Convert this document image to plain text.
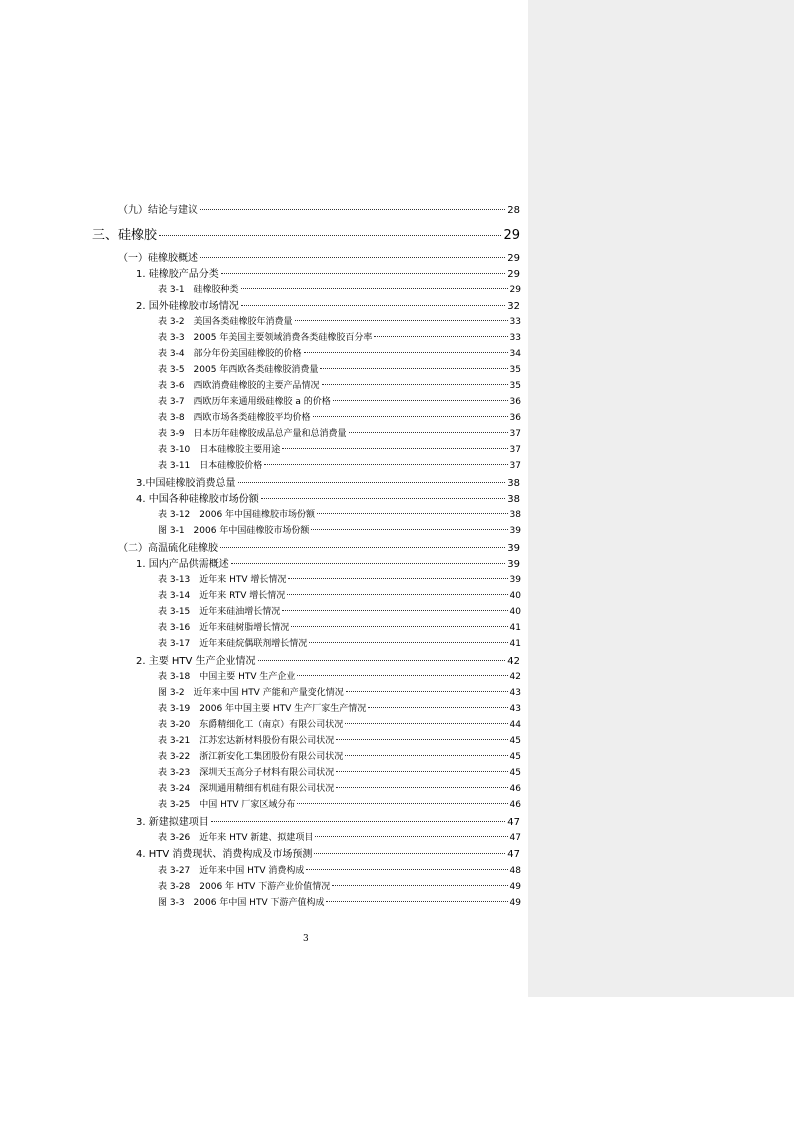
（九）结论与建议	28
三、硅橡胶	29
（一）硅橡胶概述	29
1. 硅橡胶产品分类	29
表 3-1　硅橡胶种类	29
2. 国外硅橡胶市场情况	32
表 3-2　美国各类硅橡胶年消费量	33
表 3-3　2005 年美国主要领域消费各类硅橡胶百分率	33
表 3-4　部分年份美国硅橡胶的价格	34
表 3-5　2005 年西欧各类硅橡胶消费量	35
表 3-6　西欧消费硅橡胶的主要产品情况	35
表 3-7　西欧历年来通用级硅橡胶 a 的价格	36
表 3-8　西欧市场各类硅橡胶平均价格	36
表 3-9　日本历年硅橡胶成品总产量和总消费量	37
表 3-10　日本硅橡胶主要用途	37
表 3-11　日本硅橡胶价格	37
3.中国硅橡胶消费总量	38
4. 中国各种硅橡胶市场份额	38
表 3-12　2006 年中国硅橡胶市场份额	38
图 3-1　2006 年中国硅橡胶市场份额	39
（二）高温硫化硅橡胶	39
1. 国内产品供需概述	39
表 3-13　近年来 HTV 增长情况	39
表 3-14　近年来 RTV 增长情况	40
表 3-15　近年来硅油增长情况	40
表 3-16　近年来硅树脂增长情况	41
表 3-17　近年来硅烷偶联剂增长情况	41
2. 主要 HTV 生产企业情况	42
表 3-18　中国主要 HTV 生产企业	42
图 3-2　近年来中国 HTV 产能和产量变化情况	43
表 3-19　2006 年中国主要 HTV 生产厂家生产情况	43
表 3-20　东爵精细化工（南京）有限公司状况	44
表 3-21　江苏宏达新材料股份有限公司状况	45
表 3-22　浙江新安化工集团股份有限公司状况	45
表 3-23　深圳天玉高分子材料有限公司状况	45
表 3-24　深圳通用精细有机硅有限公司状况	46
表 3-25　中国 HTV 厂家区域分布	46
3. 新建拟建项目	47
表 3-26　近年来 HTV 新建、拟建项目	47
4. HTV 消费现状、消费构成及市场预测	47
表 3-27　近年来中国 HTV 消费构成	48
表 3-28　2006 年 HTV 下游产业价值情况	49
图 3-3　2006 年中国 HTV 下游产值构成	49
3
